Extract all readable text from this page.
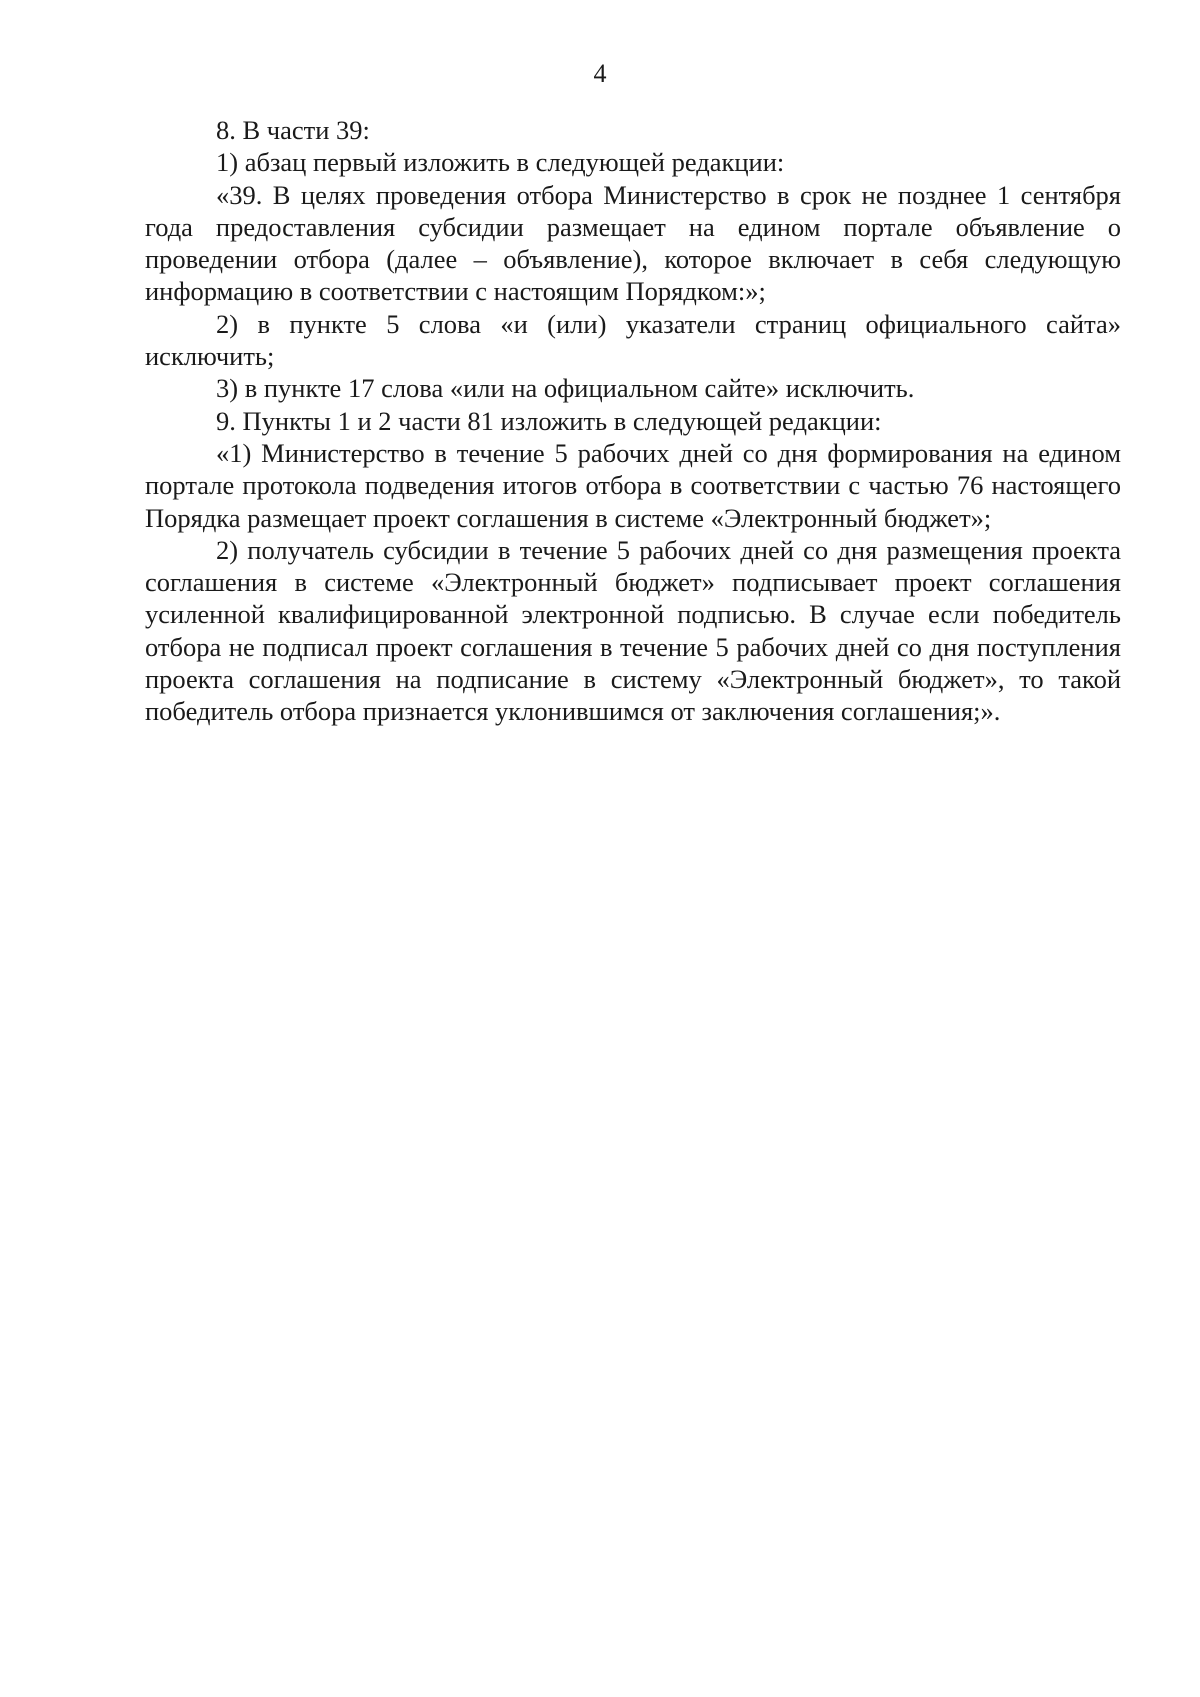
4

8. В части 39:

1) абзац первый изложить в следующей редакции:

«39. В целях проведения отбора Министерство в срок не позднее 1 сентября года предоставления субсидии размещает на едином портале объявление о проведении отбора (далее – объявление), которое включает в себя следующую информацию в соответствии с настоящим Порядком:»;

2) в пункте 5 слова «и (или) указатели страниц официального сайта» исключить;

3) в пункте 17 слова «или на официальном сайте» исключить.

9. Пункты 1 и 2 части 81 изложить в следующей редакции:

«1) Министерство в течение 5 рабочих дней со дня формирования на едином портале протокола подведения итогов отбора в соответствии с частью 76 настоящего Порядка размещает проект соглашения в системе «Электронный бюджет»;

2) получатель субсидии в течение 5 рабочих дней со дня размещения проекта соглашения в системе «Электронный бюджет» подписывает проект соглашения усиленной квалифицированной электронной подписью. В случае если победитель отбора не подписал проект соглашения в течение 5 рабочих дней со дня поступления проекта соглашения на подписание в систему «Электронный бюджет», то такой победитель отбора признается уклонившимся от заключения соглашения;».
